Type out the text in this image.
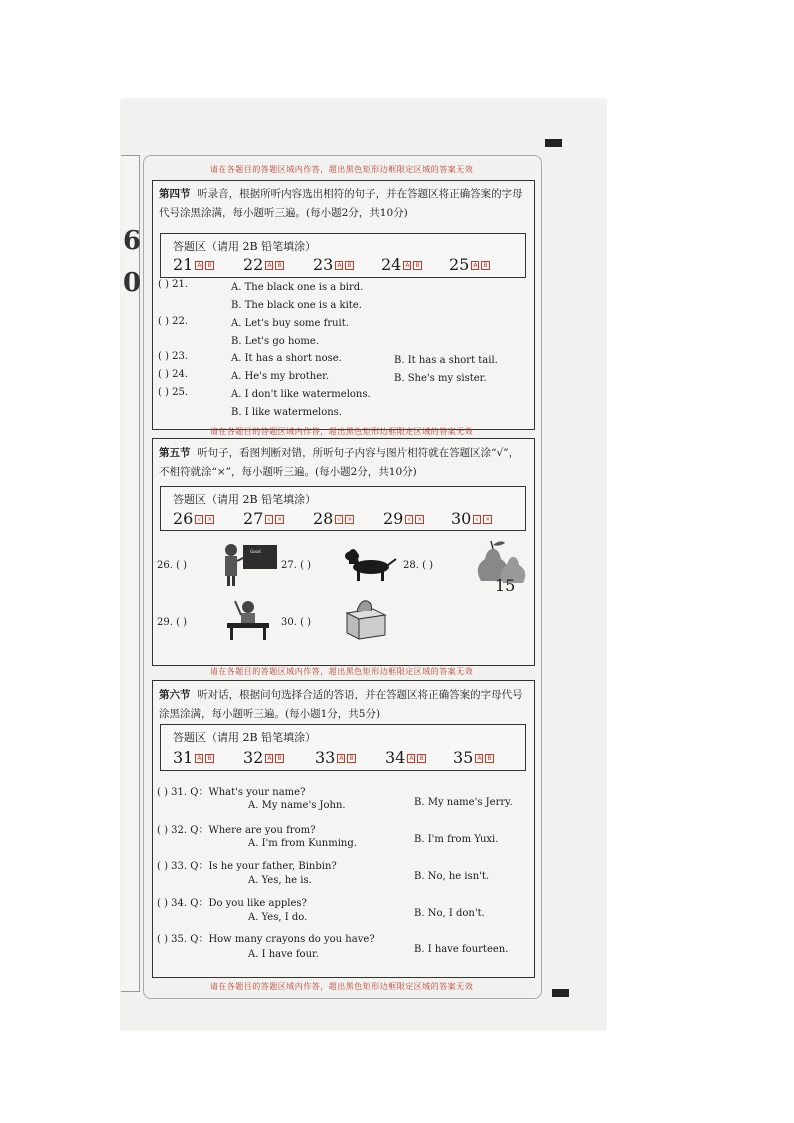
6
0
请在各题目的答题区域内作答，超出黑色矩形边框限定区域的答案无效
第四节 听录音，根据所听内容选出相符的句子，并在答题区将正确答案的字母代号涂黑涂满，每小题听三遍。(每小题2分，共10分)
答题区（请用 2B 铅笔填涂）
21 A B 22 A B 23 A B 24 A B 25 A B
( ) 21.	A. The black one is a bird.
B. The black one is a kite.
( ) 22.	A. Let's buy some fruit.
B. Let's go home.
( ) 23.	A. It has a short nose.	B. It has a short tail.
( ) 24.	A. He's my brother.	B. She's my sister.
( ) 25.	A. I don't like watermelons.
B. I like watermelons.
请在各题目的答题区域内作答，超出黑色矩形边框限定区域的答案无效
第五节 听句子，看图判断对错，所听句子内容与图片相符就在答题区涂“√”，不相符就涂“×”，每小题听三遍。(每小题2分，共10分)
答题区（请用 2B 铅笔填涂）
26 √ × 27 √ × 28 √ × 29 √ × 30 √ ×
26. ( )
Good
27. ( )	28. ( )
15
29. ( )	30. ( )
请在各题目的答题区域内作答，超出黑色矩形边框限定区域的答案无效
第六节 听对话，根据问句选择合适的答语，并在答题区将正确答案的字母代号涂黑涂满，每小题听三遍。(每小题1分，共5分)
答题区（请用 2B 铅笔填涂）
31 A B 32 A B 33 A B 34 A B 35 A B
( ) 31. Q：What's your name?
A. My name's John.	B. My name's Jerry.
( ) 32. Q：Where are you from?
A. I'm from Kunming.	B. I'm from Yuxi.
( ) 33. Q：Is he your father, Binbin?
A. Yes, he is.	B. No, he isn't.
( ) 34. Q：Do you like apples?
A. Yes, I do.	B. No, I don't.
( ) 35. Q：How many crayons do you have?
A. I have four.	B. I have fourteen.
请在各题目的答题区域内作答，超出黑色矩形边框限定区域的答案无效
